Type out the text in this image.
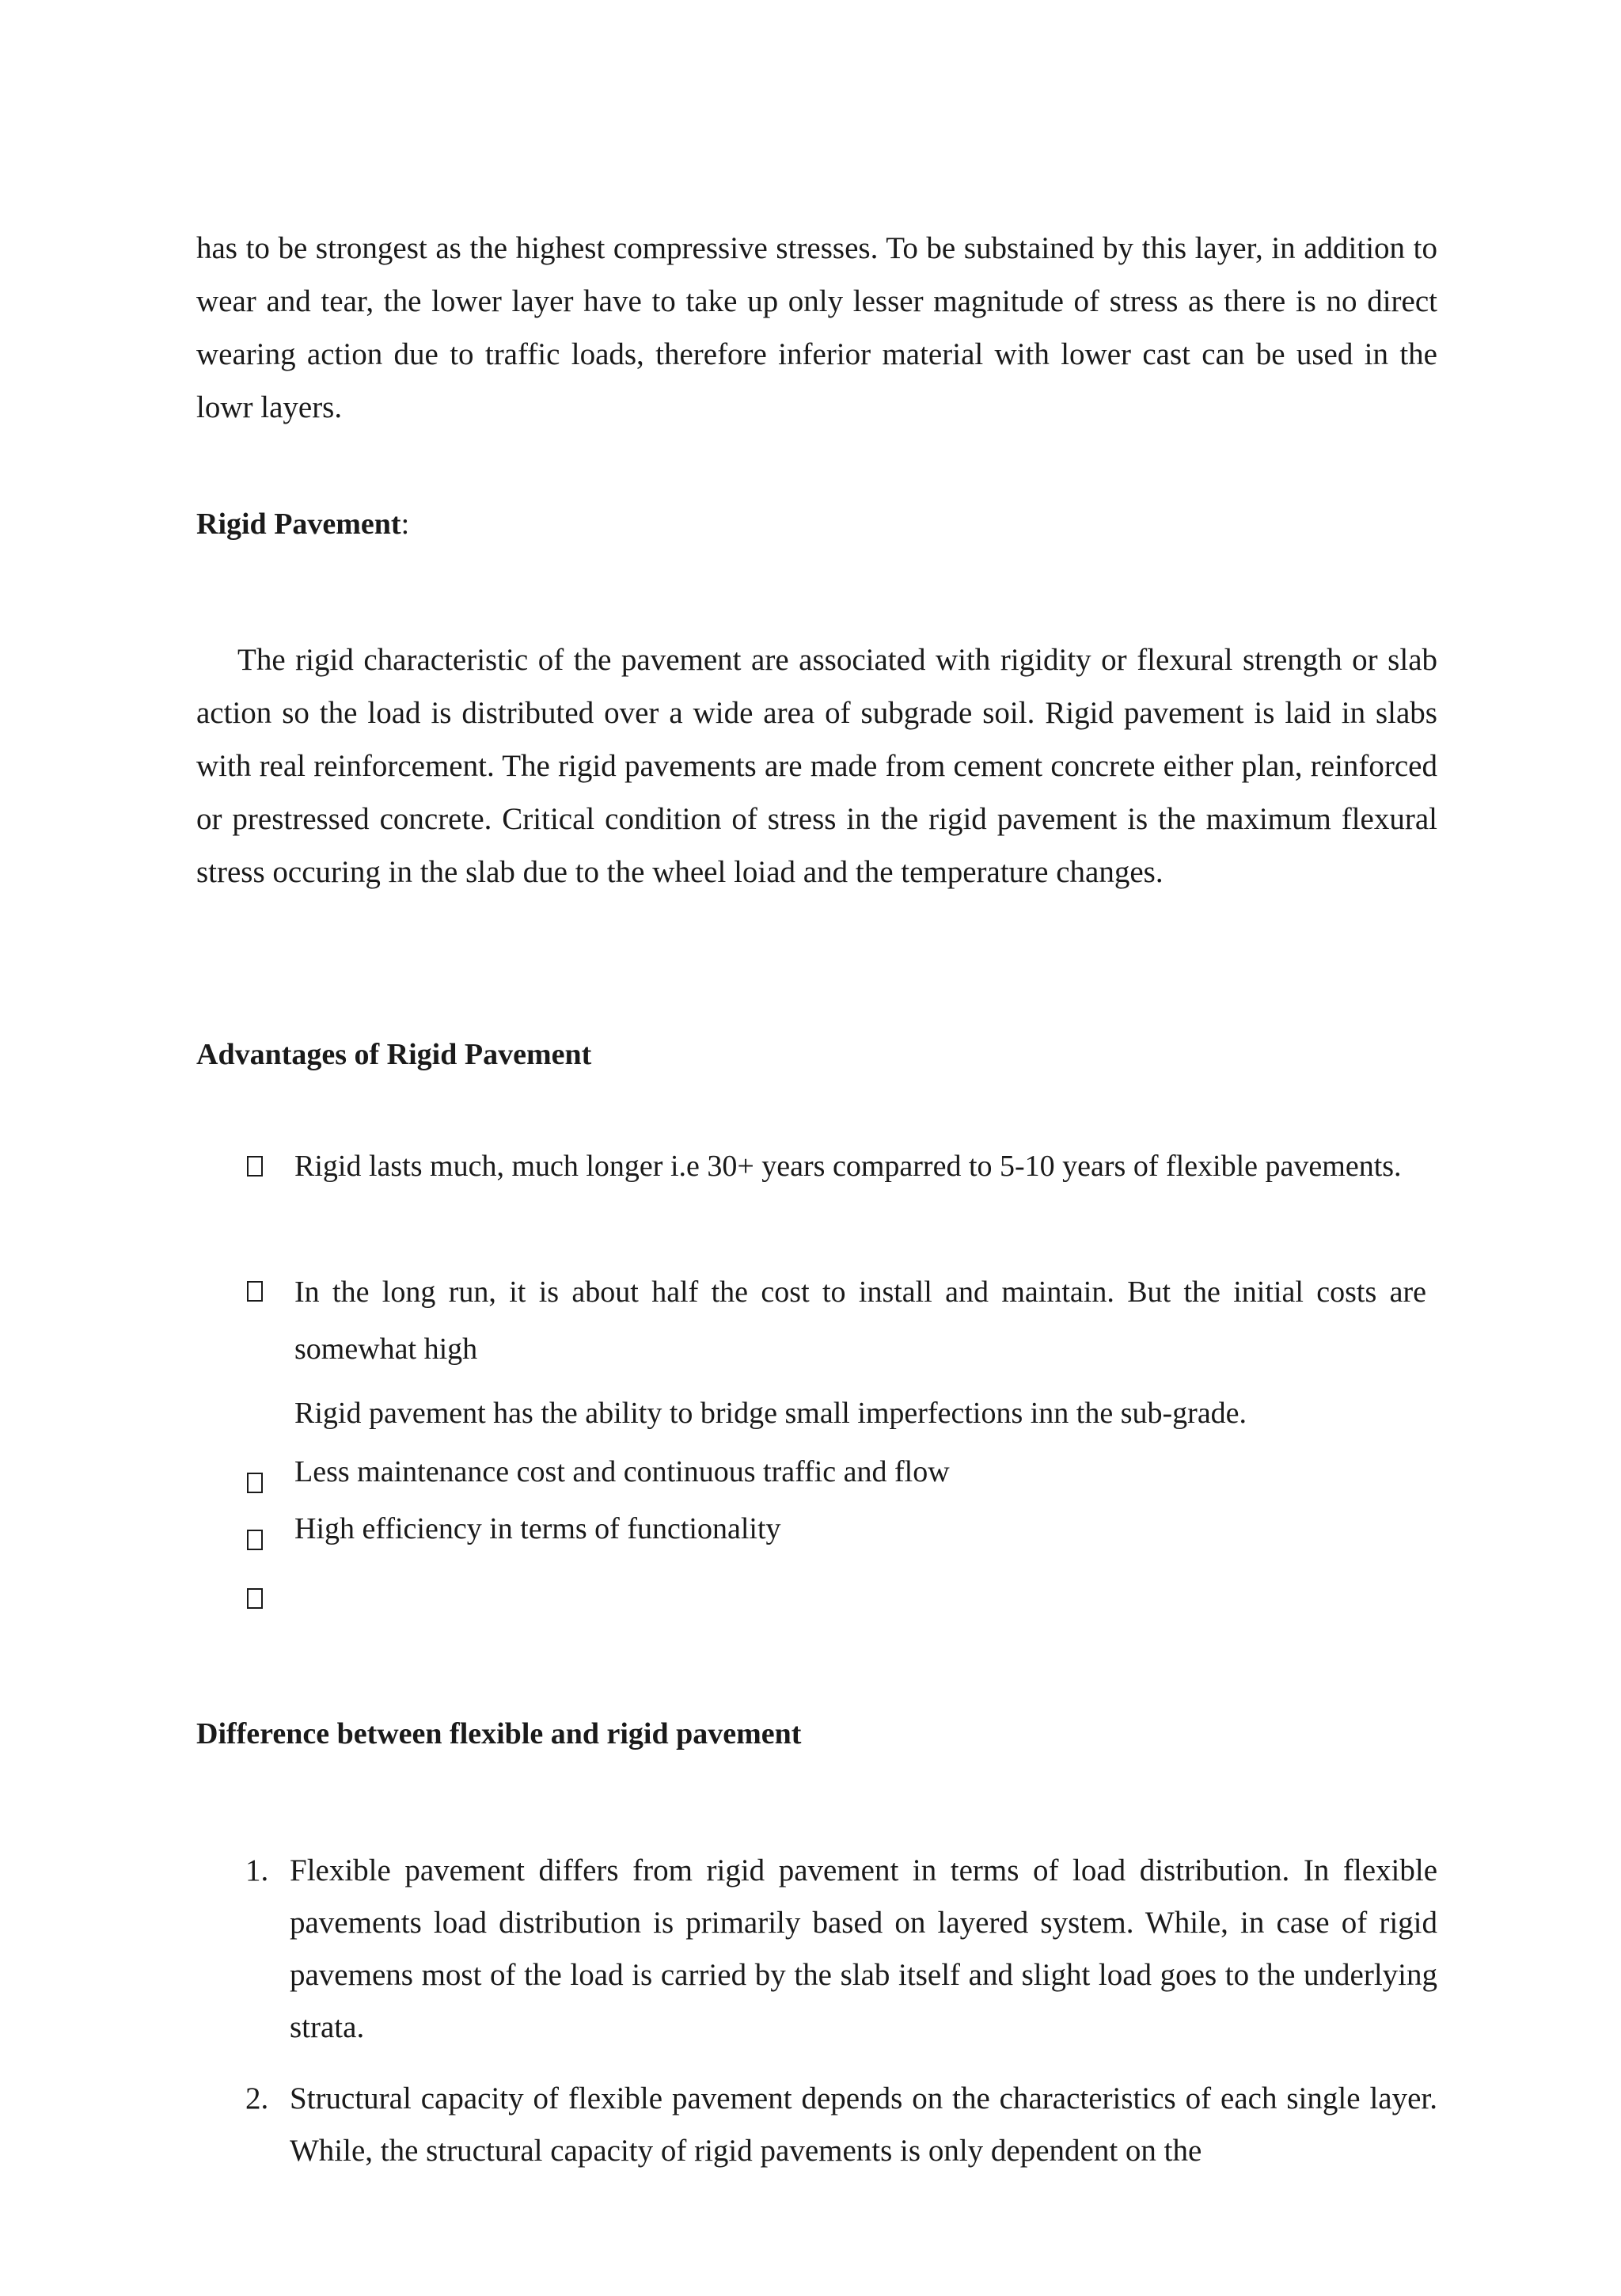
has to be strongest as the highest compressive stresses. To be substained by this layer, in addition to wear and tear, the lower layer have to take up only lesser magnitude of stress as there is no direct wearing action due to traffic loads, therefore inferior material with lower cast can be used in the lowr layers.

Rigid Pavement:

The rigid characteristic of the pavement are associated with rigidity or flexural strength or slab action so the load is distributed over a wide area of subgrade soil. Rigid pavement is laid in slabs with real reinforcement. The rigid pavements are made from cement concrete either plan, reinforced or prestressed concrete. Critical condition of stress in the rigid pavement is the maximum flexural stress occuring in the slab due to the wheel loiad and the temperature changes.

Advantages of Rigid Pavement

Rigid lasts much, much longer i.e 30+ years comparred to 5-10 years of flexible pavements.

In the long run, it is about half the cost to install and maintain. But the initial costs are somewhat high

Rigid pavement has the ability to bridge small imperfections inn the sub-grade.

Less maintenance cost and continuous traffic and flow

High efficiency in terms of functionality

Difference between flexible and rigid pavement
1. Flexible pavement differs from rigid pavement in terms of load distribution. In flexible pavements load distribution is primarily based on layered system. While, in case of rigid pavemens most of the load is carried by the slab itself and slight load goes to the underlying strata.

2. Structural capacity of flexible pavement depends on the characteristics of each single layer. While, the structural capacity of rigid pavements is only dependent on the
